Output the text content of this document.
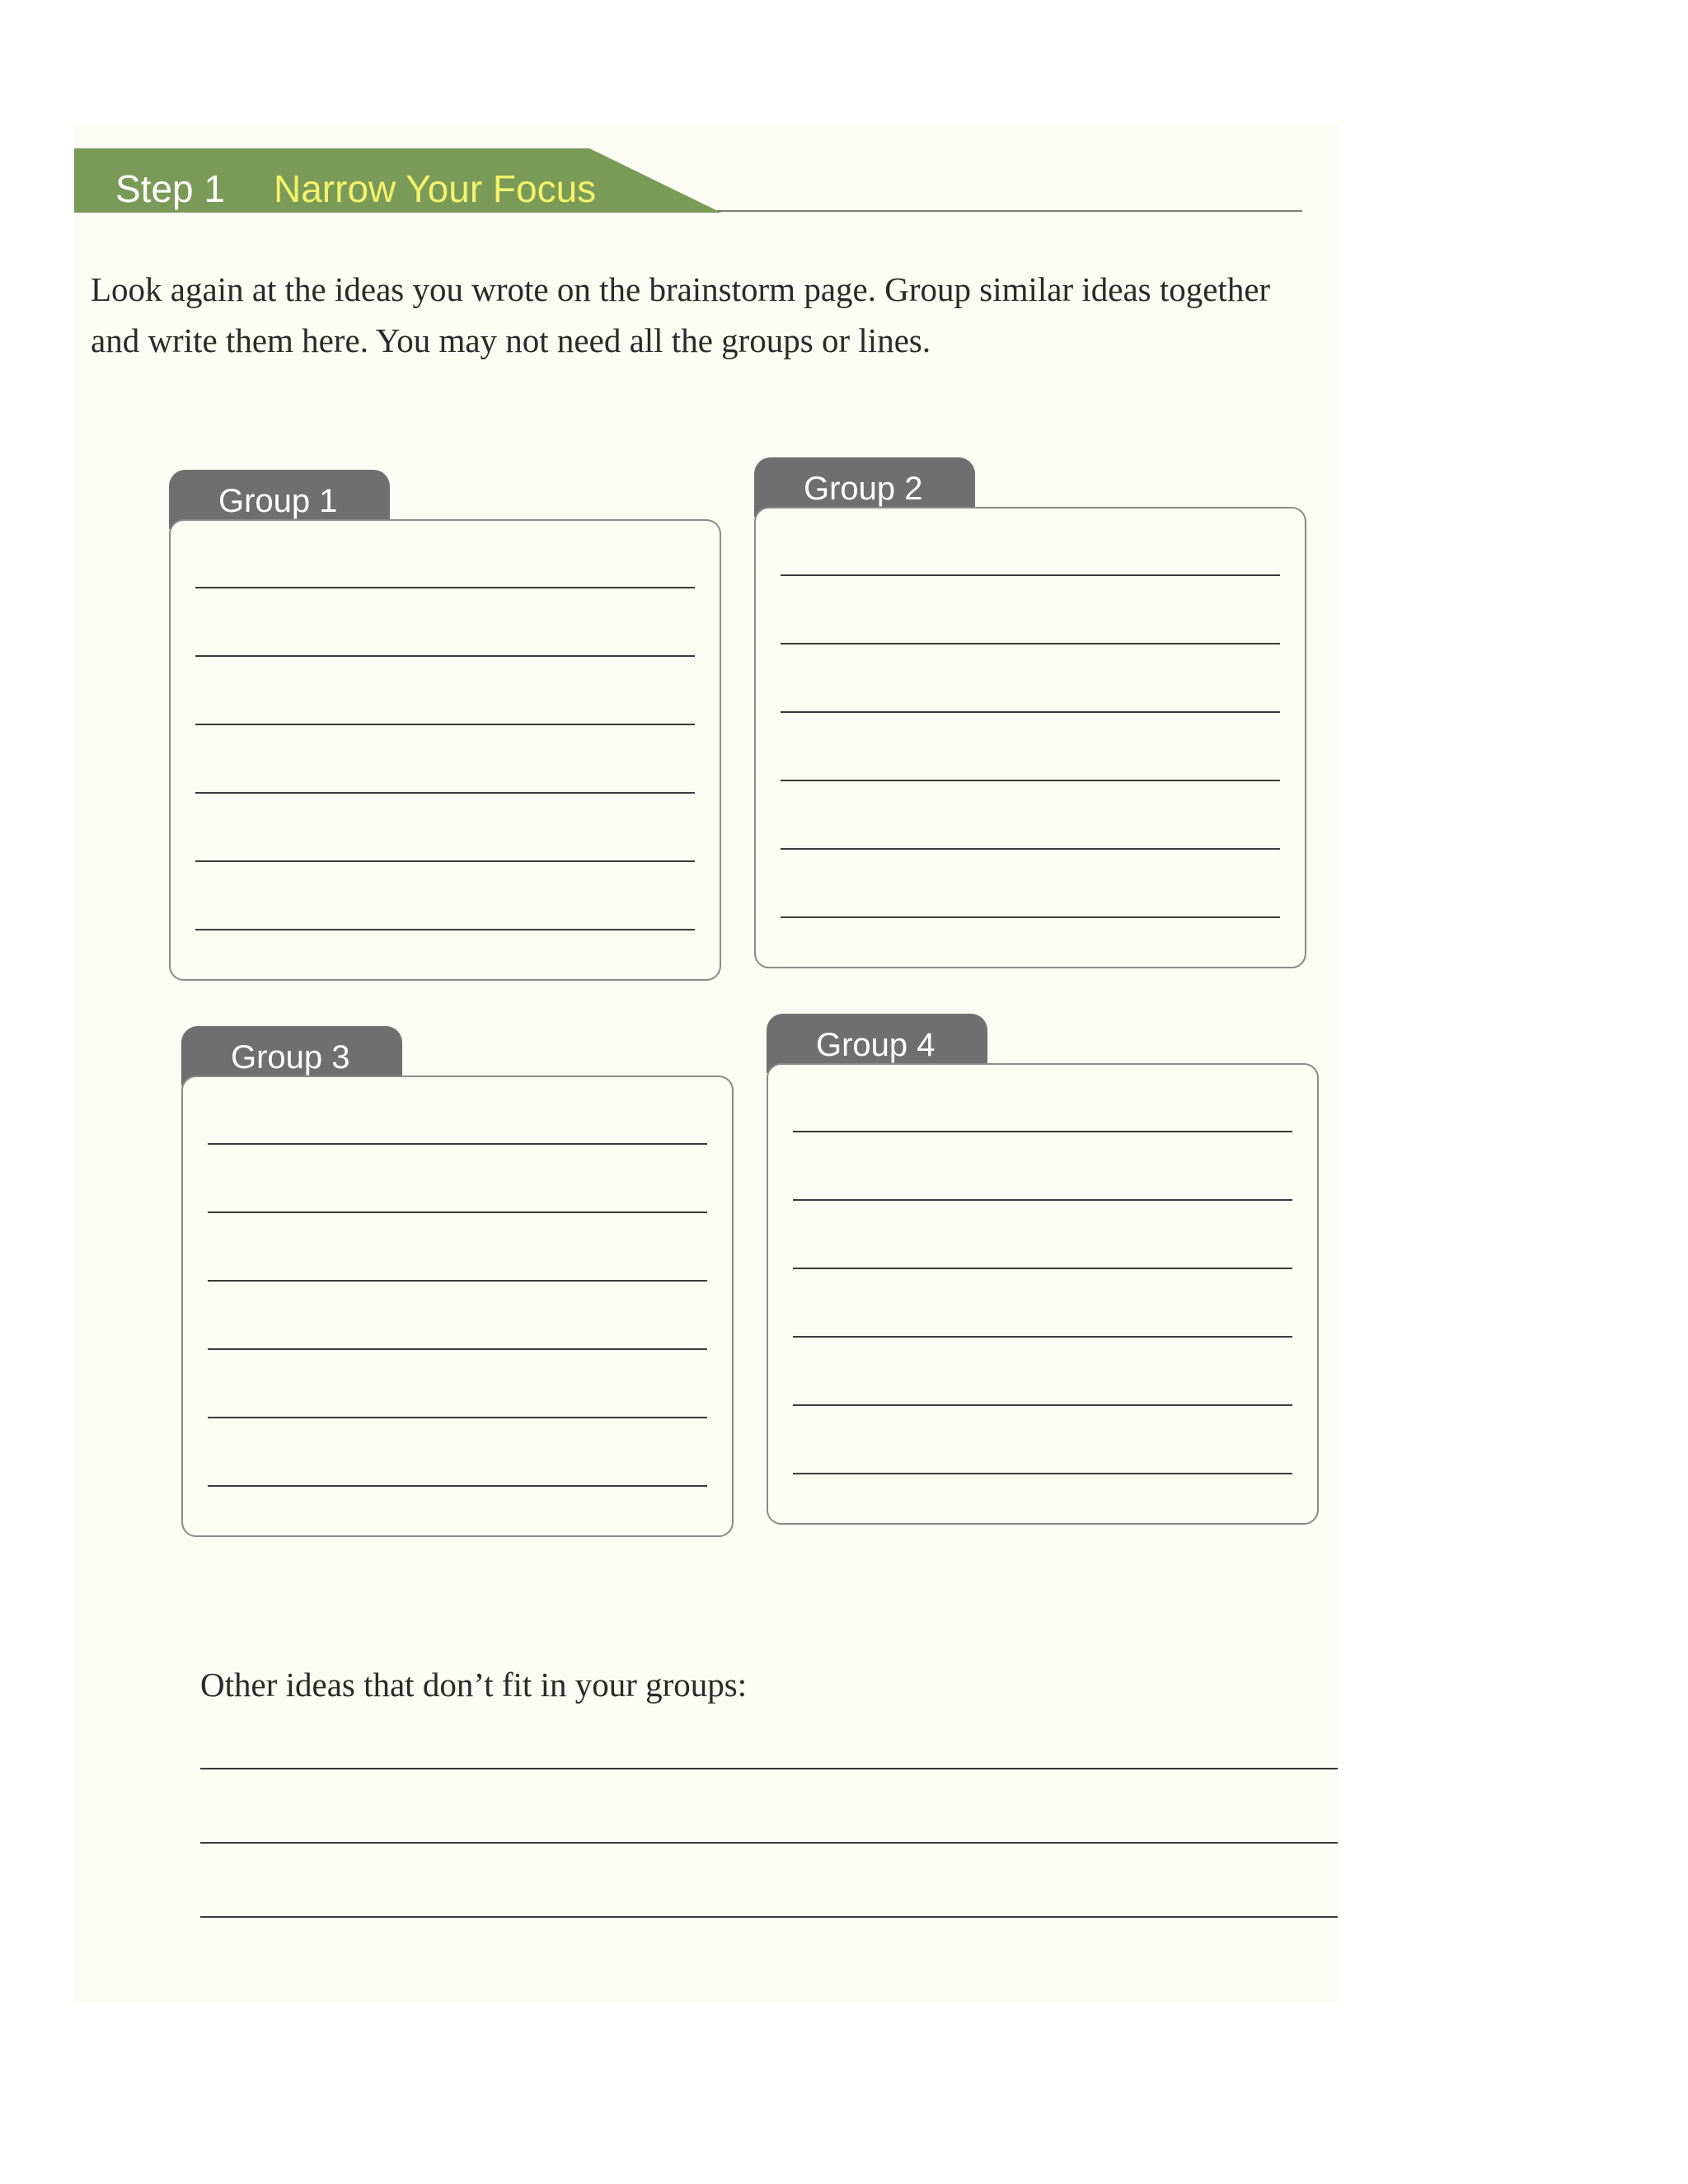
Step 1 Narrow Your Focus
Look again at the ideas you wrote on the brainstorm page. Group similar ideas together and write them here. You may not need all the groups or lines.
Group 1	Group 2
Group 3	Group 4
Other ideas that don’t fit in your groups:
